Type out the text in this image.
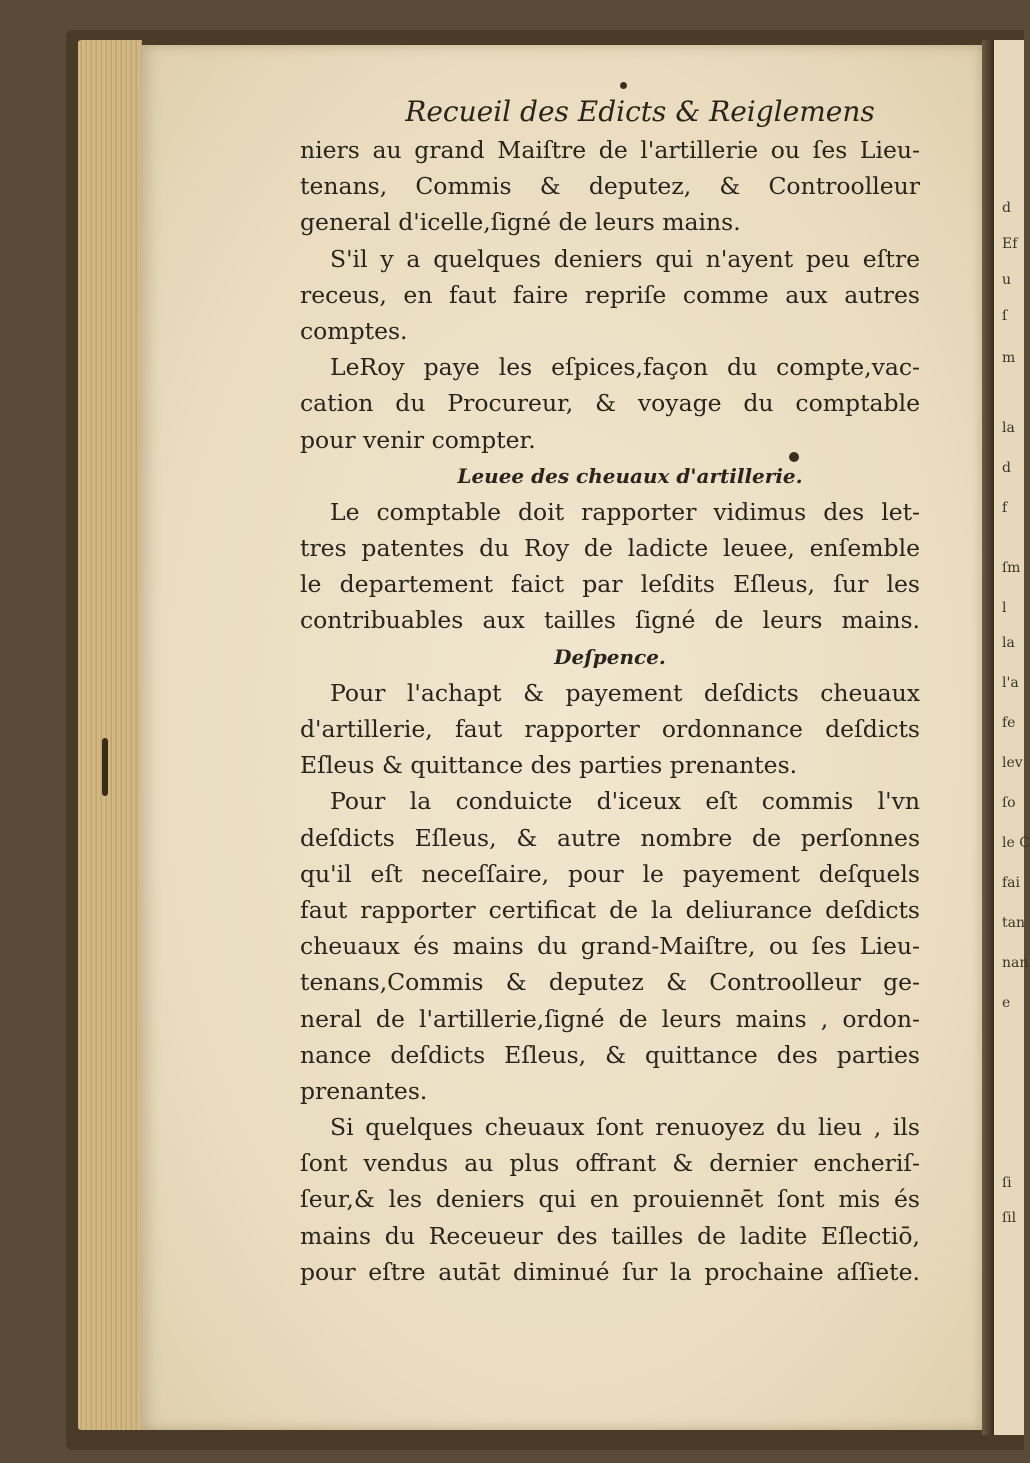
d
Ef
u
ſ
m
la
d
f
ſm
l
la
l'a
fe
lev
ſo
le C
fai
tan
nan
e
ſi
ſil
Recueil des Edicts & Reiglemens
niers au grand Maiſtre de l'artillerie ou ſes Lieu-
tenans, Commis & deputez, & Controolleur
general d'icelle,ſigné de leurs mains.
S'il y a quelques deniers qui n'ayent peu eſtre
receus, en faut faire repriſe comme aux autres
comptes.
LeRoy paye les eſpices,façon du compte,vac-
cation du Procureur, & voyage du comptable
pour venir compter.
Leuee des cheuaux d'artillerie.
Le comptable doit rapporter vidimus des let-
tres patentes du Roy de ladicte leuee, enſemble
le departement faict par leſdits Eſleus, ſur les
contribuables aux tailles ſigné de leurs mains.
Deſpence.
Pour l'achapt & payement deſdicts cheuaux
d'artillerie, faut rapporter ordonnance deſdicts
Eſleus & quittance des parties prenantes.
Pour la conduicte d'iceux eſt commis l'vn
deſdicts Eſleus, & autre nombre de perſonnes
qu'il eſt neceſſaire, pour le payement deſquels
faut rapporter certificat de la deliurance deſdicts
cheuaux és mains du grand-Maiſtre, ou ſes Lieu-
tenans,Commis & deputez & Controolleur ge-
neral de l'artillerie,ſigné de leurs mains , ordon-
nance deſdicts Eſleus, & quittance des parties
prenantes.
Si quelques cheuaux ſont renuoyez du lieu , ils
ſont vendus au plus offrant & dernier encheriſ-
ſeur,& les deniers qui en prouiennēt ſont mis és
mains du Receueur des tailles de ladite Eſlectiō,
pour eſtre autāt diminué ſur la prochaine aſſiete.
